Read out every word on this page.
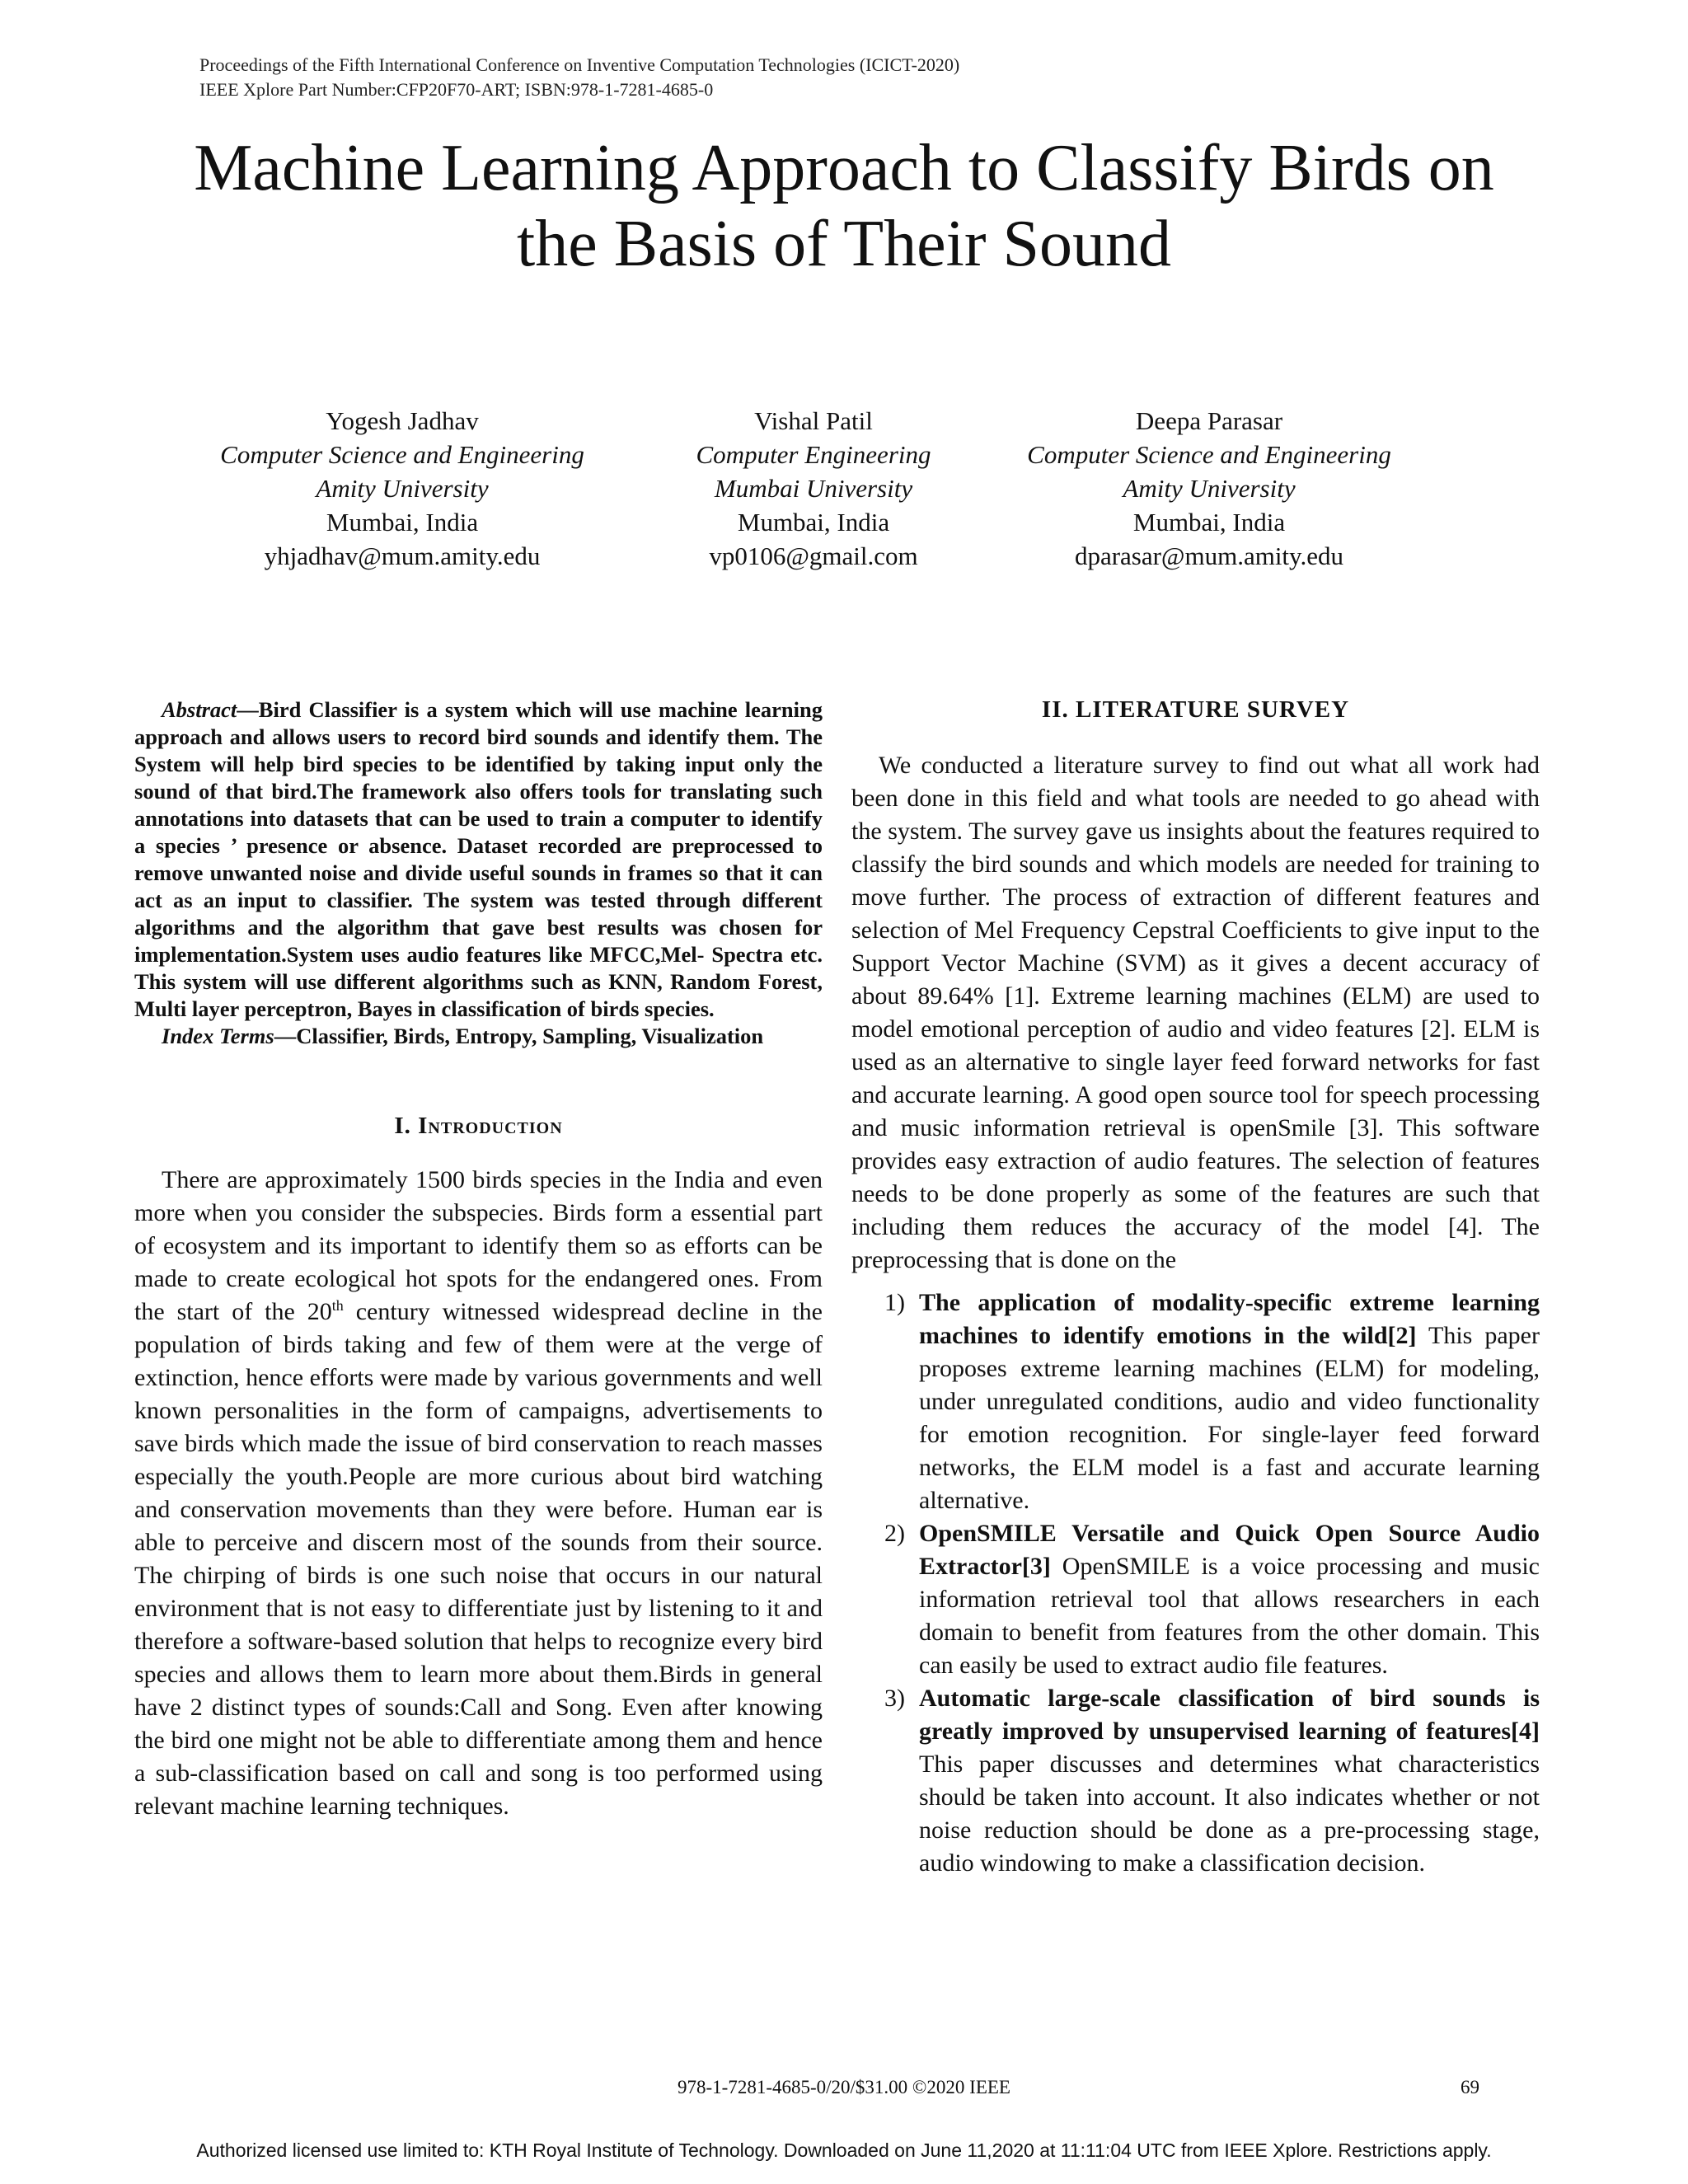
Proceedings of the Fifth International Conference on Inventive Computation Technologies (ICICT-2020)
IEEE Xplore Part Number:CFP20F70-ART; ISBN:978-1-7281-4685-0
Machine Learning Approach to Classify Birds on
the Basis of Their Sound
Yogesh Jadhav
Computer Science and Engineering
Amity University
Mumbai, India
yhjadhav@mum.amity.edu
Vishal Patil
Computer Engineering
Mumbai University
Mumbai, India
vp0106@gmail.com
Deepa Parasar
Computer Science and Engineering
Amity University
Mumbai, India
dparasar@mum.amity.edu

Abstract—Bird Classifier is a system which will use machine learning approach and allows users to record bird sounds and identify them. The System will help bird species to be identified by taking input only the sound of that bird.The framework also offers tools for translating such annotations into datasets that can be used to train a computer to identify a species ’ presence or absence. Dataset recorded are preprocessed to remove unwanted noise and divide useful sounds in frames so that it can act as an input to classifier. The system was tested through different algorithms and the algorithm that gave best results was chosen for implementation.System uses audio features like MFCC,Mel- Spectra etc. This system will use different algorithms such as KNN, Random Forest, Multi layer perceptron, Bayes in classification of birds species.

Index Terms—Classifier, Birds, Entropy, Sampling, Visualization

I. Introduction

There are approximately 1500 birds species in the India and even more when you consider the subspecies. Birds form a essential part of ecosystem and its important to identify them so as efforts can be made to create ecological hot spots for the endangered ones. From the start of the 20th century witnessed widespread decline in the population of birds taking and few of them were at the verge of extinction, hence efforts were made by various governments and well known personalities in the form of campaigns, advertisements to save birds which made the issue of bird conservation to reach masses especially the youth.People are more curious about bird watching and conservation movements than they were before. Human ear is able to perceive and discern most of the sounds from their source. The chirping of birds is one such noise that occurs in our natural environment that is not easy to differentiate just by listening to it and therefore a software-based solution that helps to recognize every bird species and allows them to learn more about them.Birds in general have 2 distinct types of sounds:Call and Song. Even after knowing the bird one might not be able to differentiate among them and hence a sub-classification based on call and song is too performed using relevant machine learning techniques.

II. LITERATURE SURVEY

We conducted a literature survey to find out what all work had been done in this field and what tools are needed to go ahead with the system. The survey gave us insights about the features required to classify the bird sounds and which models are needed for training to move further. The process of extraction of different features and selection of Mel Frequency Cepstral Coefficients to give input to the Support Vector Machine (SVM) as it gives a decent accuracy of about 89.64% [1]. Extreme learning machines (ELM) are used to model emotional perception of audio and video features [2]. ELM is used as an alternative to single layer feed forward networks for fast and accurate learning. A good open source tool for speech processing and music information retrieval is openSmile [3]. This software provides easy extraction of audio features. The selection of features needs to be done properly as some of the features are such that including them reduces the accuracy of the model [4]. The preprocessing that is done on the

1) The application of modality-specific extreme learning machines to identify emotions in the wild[2] This paper proposes extreme learning machines (ELM) for modeling, under unregulated conditions, audio and video functionality for emotion recognition. For single-layer feed forward networks, the ELM model is a fast and accurate learning alternative.
2) OpenSMILE Versatile and Quick Open Source Audio Extractor[3] OpenSMILE is a voice processing and music information retrieval tool that allows researchers in each domain to benefit from features from the other domain. This can easily be used to extract audio file features.
3) Automatic large-scale classification of bird sounds is greatly improved by unsupervised learning of features[4] This paper discusses and determines what characteristics should be taken into account. It also indicates whether or not noise reduction should be done as a pre-processing stage, audio windowing to make a classification decision.
978-1-7281-4685-0/20/$31.00 ©2020 IEEE	69
Authorized licensed use limited to: KTH Royal Institute of Technology. Downloaded on June 11,2020 at 11:11:04 UTC from IEEE Xplore. Restrictions apply.
